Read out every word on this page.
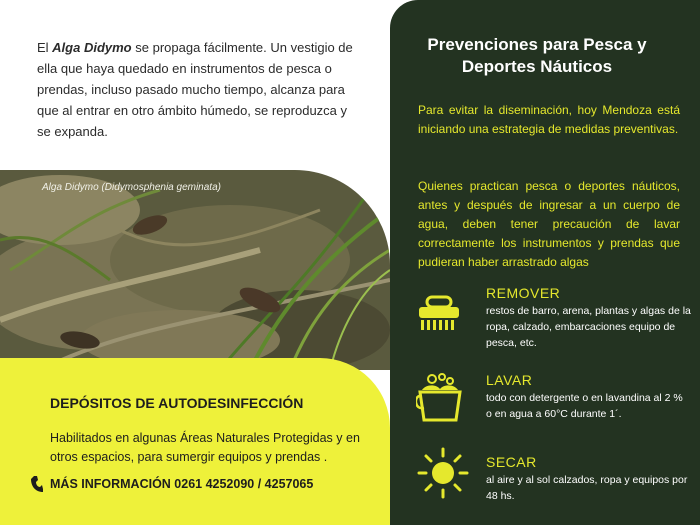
El Alga Didymo se propaga fácilmente. Un vestigio de ella que haya quedado en instrumentos de pesca o prendas, incluso pasado mucho tiempo, alcanza para que al entrar en otro ámbito húmedo, se reproduzca y se expanda.
Alga Didymo (Didymosphenia geminata)
DEPÓSITOS DE AUTODESINFECCIÓN
Habilitados en algunas Áreas Naturales Protegidas y en otros espacios, para sumergir equipos y prendas .
MÁS INFORMACIÓN 0261 4252090 / 4257065
Prevenciones para Pesca y Deportes Náuticos
Para evitar la diseminación, hoy Mendoza está iniciando una estrategia de medidas preventivas.
Quienes practican pesca o deportes náuticos, antes y después de ingresar a un cuerpo de agua, deben tener precaución de lavar correctamente los instrumentos y prendas que pudieran haber arrastrado algas
REMOVER
restos de barro, arena, plantas y algas de la ropa, calzado, embarcaciones equipo de pesca, etc.
LAVAR
todo con detergente o en lavandina al 2 % o en agua a 60°C durante 1´.
SECAR
al aire y al sol calzados, ropa y equipos por 48 hs.
